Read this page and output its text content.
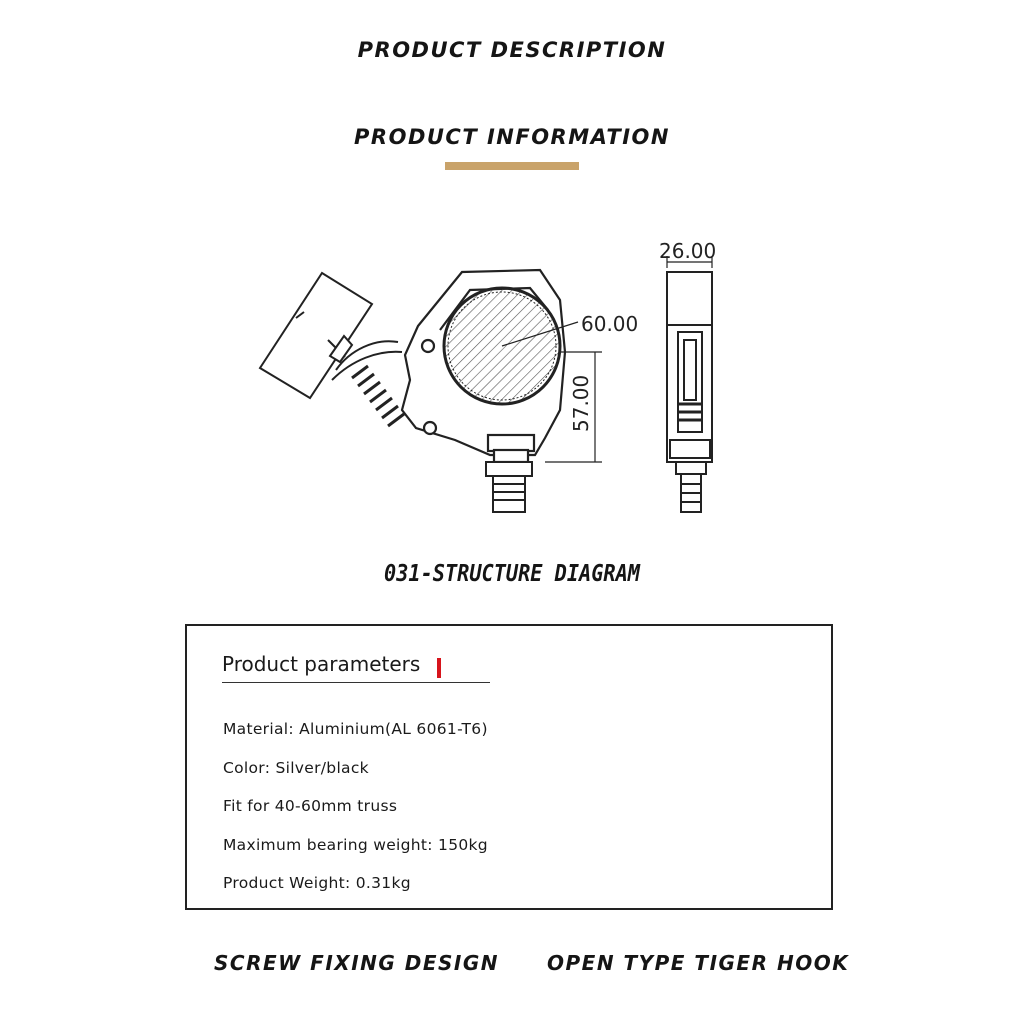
PRODUCT DESCRIPTION
PRODUCT INFORMATION
26.00
60.00
57.00
031-STRUCTURE DIAGRAM
Product parameters
Material: Aluminium(AL 6061-T6)
Color: Silver/black
Fit for 40-60mm truss
Maximum bearing weight: 150kg
Product Weight: 0.31kg
SCREW FIXING DESIGN OPEN TYPE TIGER HOOK
